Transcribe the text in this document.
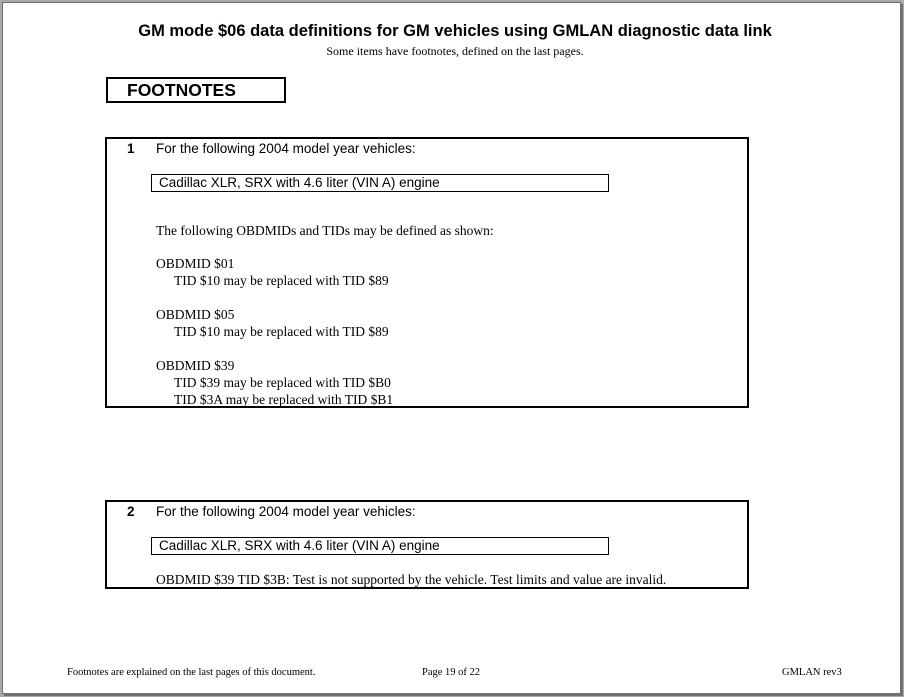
GM mode $06 data definitions for GM vehicles using GMLAN diagnostic data link
Some items have footnotes, defined on the last pages.
FOOTNOTES
1 For the following 2004 model year vehicles:
Cadillac XLR, SRX with 4.6 liter (VIN A) engine
The following OBDMIDs and TIDs may be defined as shown:
OBDMID $01
TID $10 may be replaced with TID $89
OBDMID $05
TID $10 may be replaced with TID $89
OBDMID $39
TID $39 may be replaced with TID $B0
TID $3A may be replaced with TID $B1
2 For the following 2004 model year vehicles:
Cadillac XLR, SRX with 4.6 liter (VIN A) engine
OBDMID $39 TID $3B: Test is not supported by the vehicle. Test limits and value are invalid.
Footnotes are explained on the last pages of this document.	Page 19 of 22	GMLAN rev3
